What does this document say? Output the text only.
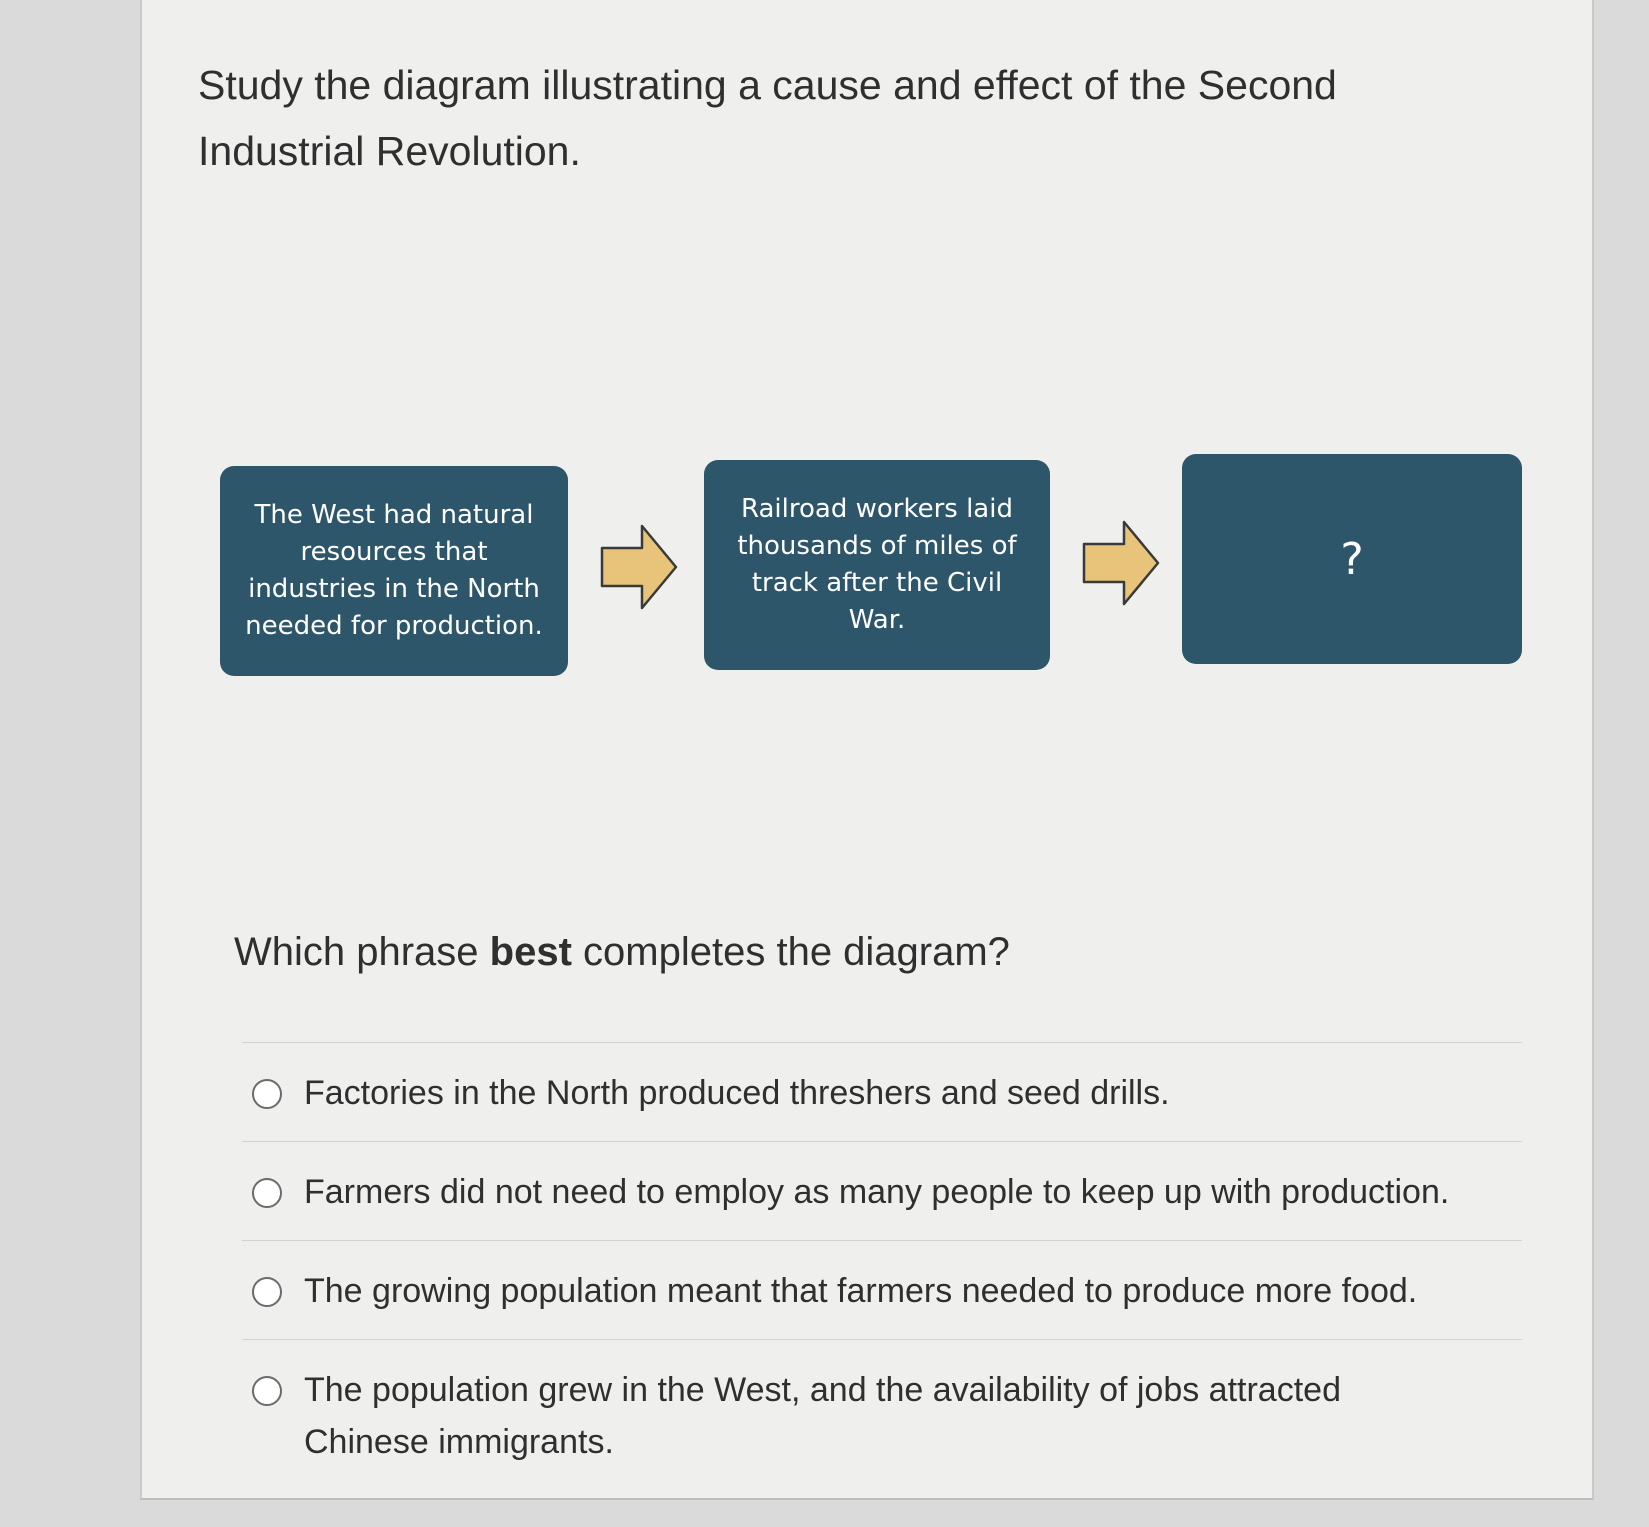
Study the diagram illustrating a cause and effect of the Second
Industrial Revolution.
The West had natural
resources that
industries in the North
needed for production.
Railroad workers laid
thousands of miles of
track after the Civil
War.
?
Which phrase best completes the diagram?
Factories in the North produced threshers and seed drills.
Farmers did not need to employ as many people to keep up with production.
The growing population meant that farmers needed to produce more food.
The population grew in the West, and the availability of jobs attracted
Chinese immigrants.
